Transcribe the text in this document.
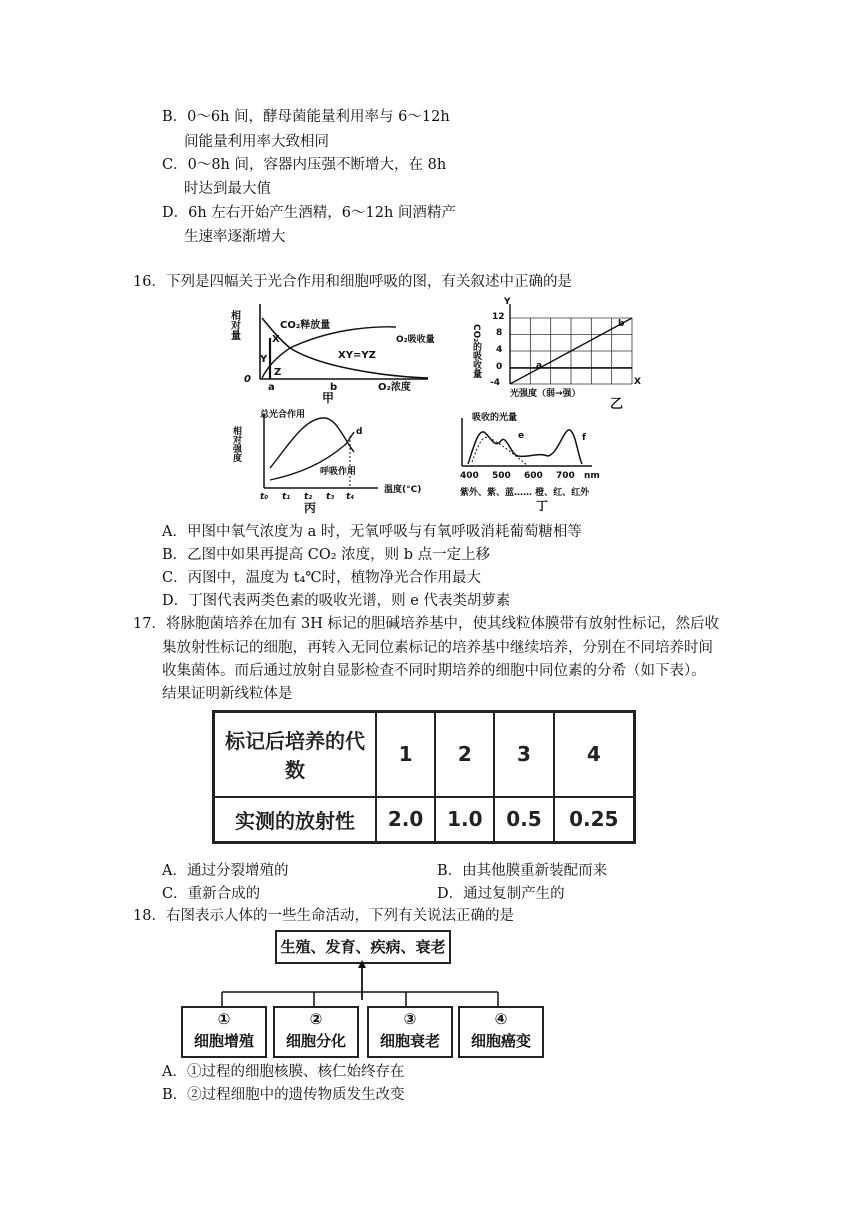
B．0～6h 间，酵母菌能量利用率与 6～12h
间能量利用率大致相同
C．0～8h 间，容器内压强不断增大，在 8h
时达到最大值
D．6h 左右开始产生酒精，6～12h 间酒精产
生速率逐渐增大
16．下列是四幅关于光合作用和细胞呼吸的图，有关叙述中正确的是
相对量	CO₂释放量
O₂吸收量
XY=YZ
X
Y
Z
0
a	b	O₂浓度
甲
Y
X
CO₂的吸收量
12
8
4
0
-4
a
b
光强度（弱→强）
乙
相对强度
总光合作用
d
呼吸作用
t₀ t₁ t₂ t₃ t₄
温度(°C)
丙
吸收的光量
e	f
400 500 600 700 nm
紫外、紫、蓝…… 橙、红、红外
丁
A．甲图中氧气浓度为 a 时，无氧呼吸与有氧呼吸消耗葡萄糖相等
B．乙图中如果再提高 CO₂ 浓度，则 b 点一定上移
C．丙图中，温度为 t₄℃时，植物净光合作用最大
D．丁图代表两类色素的吸收光谱，则 e 代表类胡萝素
17．将脉胞菌培养在加有 3H 标记的胆碱培养基中，使其线粒体膜带有放射性标记，然后收
集放射性标记的细胞，再转入无同位素标记的培养基中继续培养，分别在不同培养时间
收集菌体。而后通过放射自显影检查不同时期培养的细胞中同位素的分希（如下表）。
结果证明新线粒体是
标记后培养的代数	1	2	3	4
实测的放射性	2.0	1.0	0.5	0.25
A．通过分裂增殖的	B．由其他膜重新装配而来
C．重新合成的	D．通过复制产生的
18．右图表示人体的一些生命活动，下列有关说法正确的是
生殖、发育、疾病、衰老
①
细胞增殖
②
细胞分化
③
细胞衰老
④
细胞癌变
A．①过程的细胞核膜、核仁始终存在
B．②过程细胞中的遗传物质发生改变
